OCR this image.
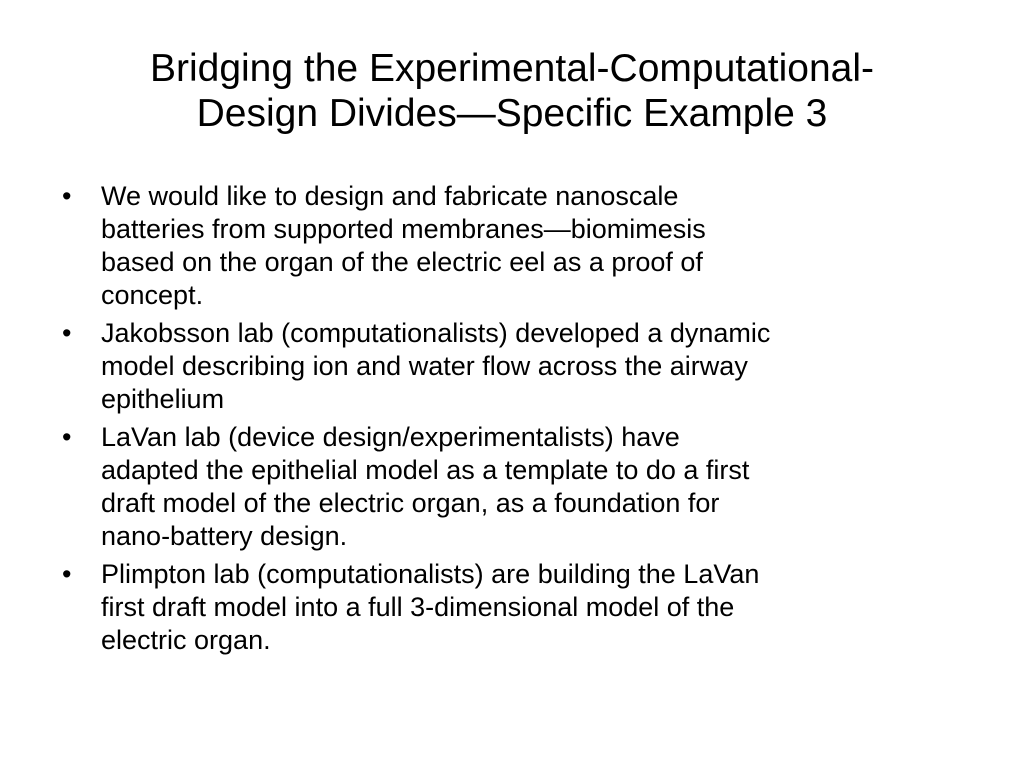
Bridging the Experimental-Computational-
Design Divides—Specific Example 3
•	We would like to design and fabricate nanoscale
batteries from supported membranes—biomimesis
based on the organ of the electric eel as a proof of
concept.
•	Jakobsson lab (computationalists) developed a dynamic
model describing ion and water flow across the airway
epithelium
•	LaVan lab (device design/experimentalists) have
adapted the epithelial model as a template to do a first
draft model of the electric organ, as a foundation for
nano-battery design.
•	Plimpton lab (computationalists) are building the LaVan
first draft model into a full 3-dimensional model of the
electric organ.
